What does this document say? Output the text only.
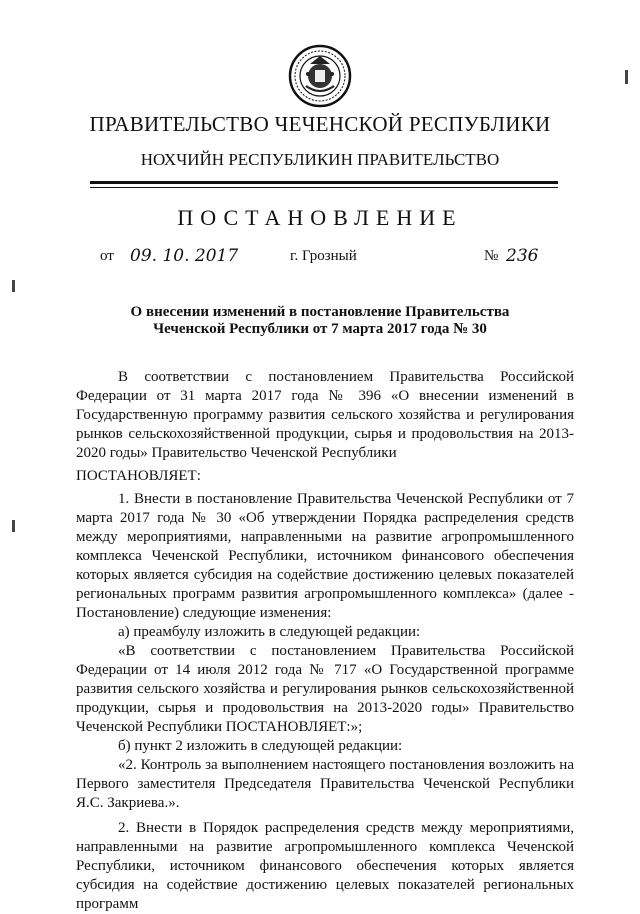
ПРАВИТЕЛЬСТВО ЧЕЧЕНСКОЙ РЕСПУБЛИКИ
НОХЧИЙН РЕСПУБЛИКИН ПРАВИТЕЛЬСТВО
ПОСТАНОВЛЕНИЕ
от 09. 10. 2017	г. Грозный	№ 236
О внесении изменений в постановление Правительства
Чеченской Республики от 7 марта 2017 года № 30

В соответствии с постановлением Правительства Российской Федерации от 31 марта 2017 года № 396 «О внесении изменений в Государственную программу развития сельского хозяйства и регулирования рынков сельскохозяйственной продукции, сырья и продовольствия на 2013-2020 годы» Правительство Чеченской Республики

ПОСТАНОВЛЯЕТ:

1. Внести в постановление Правительства Чеченской Республики от 7 марта 2017 года № 30 «Об утверждении Порядка распределения средств между мероприятиями, направленными на развитие агропромышленного комплекса Чеченской Республики, источником финансового обеспечения которых является субсидия на содействие достижению целевых показателей региональных программ развития агропромышленного комплекса» (далее - Постановление) следующие изменения:

а) преамбулу изложить в следующей редакции:

«В соответствии с постановлением Правительства Российской Федерации от 14 июля 2012 года № 717 «О Государственной программе развития сельского хозяйства и регулирования рынков сельскохозяйственной продукции, сырья и продовольствия на 2013-2020 годы» Правительство Чеченской Республики ПОСТАНОВЛЯЕТ:»;

б) пункт 2 изложить в следующей редакции:

«2. Контроль за выполнением настоящего постановления возложить на Первого заместителя Председателя Правительства Чеченской Республики Я.С. Закриева.».

2. Внести в Порядок распределения средств между мероприятиями, направленными на развитие агропромышленного комплекса Чеченской Республики, источником финансового обеспечения которых является субсидия на содействие достижению целевых показателей региональных программ
